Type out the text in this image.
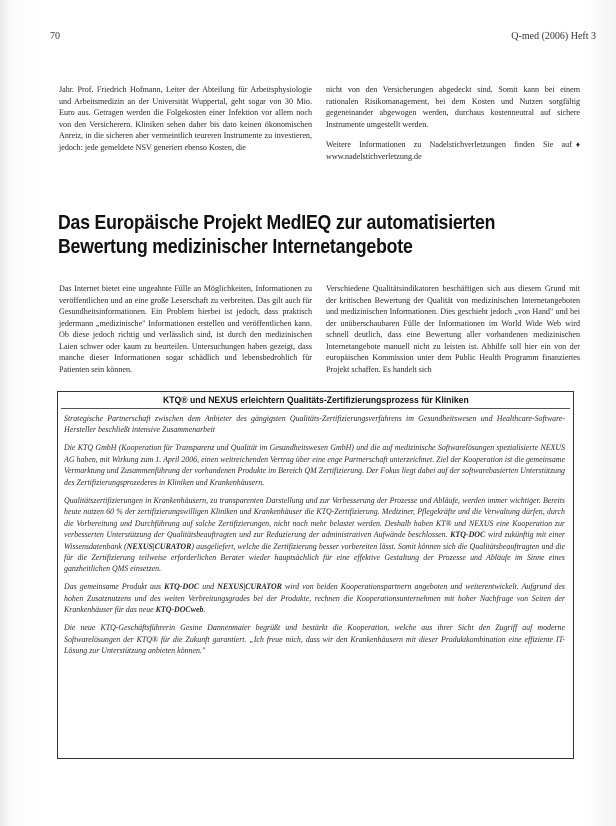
70	Q-med (2006) Heft 3

Jahr. Prof. Friedrich Hofmann, Leiter der Abteilung für Arbeitsphysiologie und Arbeitsmedizin an der Universität Wuppertal, geht sogar von 30 Mio. Euro aus. Getragen werden die Folgekosten einer Infektion vor allem noch von den Versicherern. Kliniken sehen daher bis dato keinen ökonomischen Anreiz, in die sicheren aber vermeintlich teureren Instrumente zu investieren, jedoch: jede gemeldete NSV generiert ebenso Kosten, die

nicht von den Versicherungen abgedeckt sind. Somit kann bei einem rationalen Risikomanagement, bei dem Kosten und Nutzen sorgfältig gegeneinander abgewogen werden, durchaus kostenneutral auf sichere Instrumente umgestellt werden.

♦
Weitere Informationen zu Nadelstichverletzungen finden Sie auf www.nadelstichverletzung.de

Das Europäische Projekt MedIEQ zur automatisierten
Bewertung medizinischer Internetangebote

Das Internet bietet eine ungeahnte Fülle an Möglichkeiten, Informationen zu veröffentlichen und an eine große Leserschaft zu verbreiten. Das gilt auch für Gesundheitsinformationen. Ein Problem hierbei ist jedoch, dass praktisch jedermann „medizinische" Informationen erstellen und veröffentlichen kann. Ob diese jedoch richtig und verlässlich sind, ist durch den medizinischen Laien schwer oder kaum zu beurteilen. Untersuchungen haben gezeigt, dass manche dieser Informationen sogar schädlich und lebensbedrohlich für Patienten sein können.

Verschiedene Qualitätsindikatoren beschäftigen sich aus diesem Grund mit der kritischen Bewertung der Qualität von medizinischen Internetangeboten und medizinischen Informationen. Dies geschieht jedoch „von Hand" und bei der unüberschaubaren Fülle der Informationen im World Wide Web wird schnell deutlich, dass eine Bewertung aller vorhandenen medizinischen Internetangebote manuell nicht zu leisten ist. Abhilfe soll hier ein von der europäischen Kommission unter dem Public Health Programm finanziertes Projekt schaffen. Es handelt sich

KTQ® und NEXUS erleichtern Qualitäts-Zertifizierungsprozess für Kliniken

Strategische Partnerschaft zwischen dem Anbieter des gängigsten Qualitäts-Zertifizierungsverfahrens im Gesundheitswesen und Healthcare-Software-Hersteller beschließt intensive Zusammenarbeit

Die KTQ GmbH (Kooperation für Transparenz und Qualität im Gesundheitswesen GmbH) und die auf medizinische Softwarelösungen spezialisierte NEXUS AG haben, mit Wirkung zum 1. April 2006, einen weitreichenden Vertrag über eine enge Partnerschaft unterzeichnet. Ziel der Kooperation ist die gemeinsame Vermarktung und Zusammenführung der vorhandenen Produkte im Bereich QM Zertifizierung. Der Fokus liegt dabei auf der softwarebasierten Unterstützung des Zertifizierungsprozederes in Kliniken und Krankenhäusern.

Qualitätszertifizierungen in Krankenhäusern, zu transparenten Darstellung und zur Verbesserung der Prozesse und Abläufe, werden immer wichtiger. Bereits heute nutzen 60 % der zertifizierungswilligen Kliniken und Krankenhäuser die KTQ-Zertifizierung. Mediziner, Pflegekräfte und die Verwaltung dürfen, durch die Vorbereitung und Durchführung auf solche Zertifizierungen, nicht noch mehr belastet werden. Deshalb haben KT® und NEXUS eine Kooperation zur verbesserten Unterstützung der Qualitätsbeauftragten und zur Reduzierung der administrativen Aufwände beschlossen. KTQ-DOC wird zukünftig mit einer Wissensdatenbank (NEXUS|CURATOR) ausgeliefert, welche die Zertifizierung besser vorbereiten lässt. Somit können sich die Qualitätsbeauftragten und die für die Zertifizierung teilweise erforderlichen Berater wieder hauptsächlich für eine effektive Gestaltung der Prozesse und Abläufe im Sinne eines ganzheitlichen QMS einsetzen.

Das gemeinsame Produkt aus KTQ-DOC und NEXUS|CURATOR wird von beiden Kooperationspartnern angeboten und weiterentwickelt. Aufgrund des hohen Zusatznutzens und des weiten Verbreitungsgrades bei der Produkte, rechnen die Kooperationsunternehmen mit hoher Nachfrage von Seiten der Krankenhäuser für das neue KTQ-DOCweb.

Die neue KTQ-Geschäftsführerin Gesine Dannenmaier begrüßt und bestärkt die Kooperation, welche aus ihrer Sicht den Zugriff auf moderne Softwarelösungen der KTQ® für die Zukunft garantiert. „Ich freue mich, dass wir den Krankenhäusern mit dieser Produktkombination eine effiziente IT-Lösung zur Unterstützung anbieten können."
